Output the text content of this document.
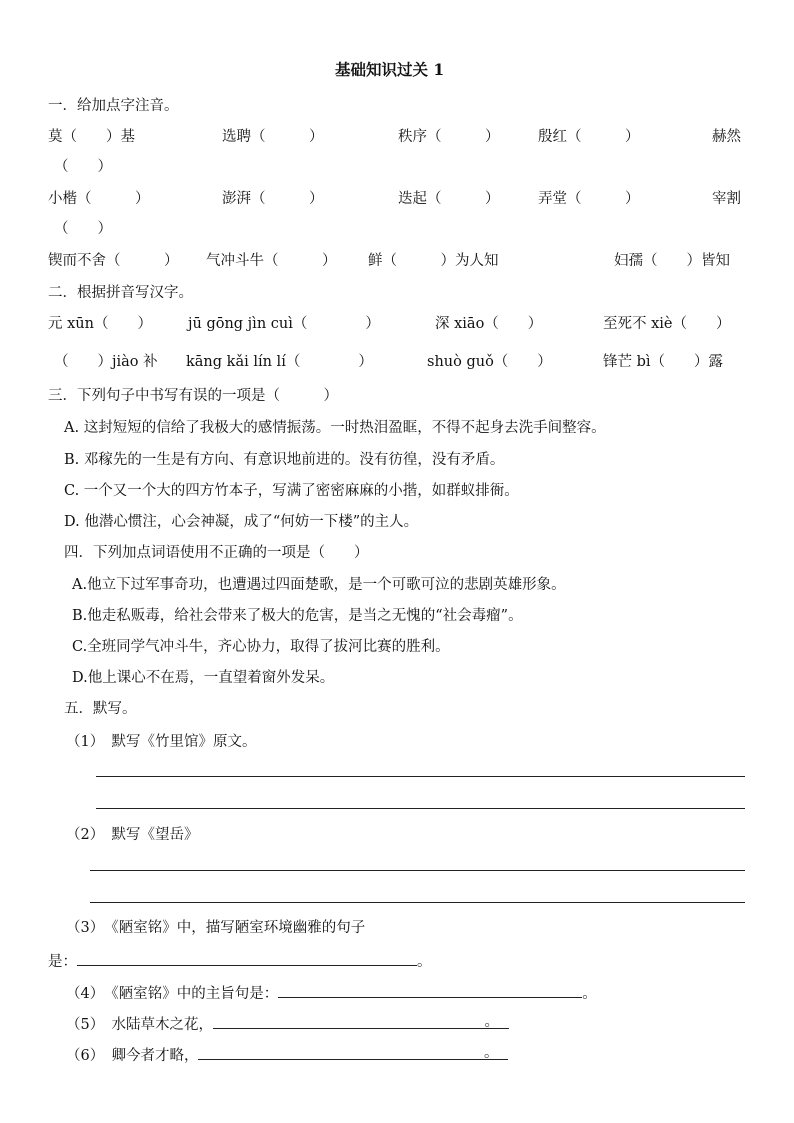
基础知识过关 1
一．给加点字注音。
莫（　　）基	选聘（　　　）	秩序（　　　）	殷红（　　　）	赫然
（　　）
小楷（　　　）	澎湃（　　　）	迭起（　　　）	弄堂（　　　）	宰割
（　　）
锲而不舍（　　　） 气冲斗牛（　　　） 鲜（　　　）为人知	妇孺（　　）皆知
二．根据拼音写汉字。
元 xūn（　　） jū gōng jìn cuì（　　　　）	深 xiāo（　　）	至死不 xiè（　　）
（　　）jiào 补 kāng kǎi lín lí（　　　　）	shuò guǒ（　　）	锋芒 bì（　　）露
三．下列句子中书写有误的一项是（　　　）
A. 这封短短的信给了我极大的感情振荡。一时热泪盈眶，不得不起身去洗手间整容。
B. 邓稼先的一生是有方向、有意识地前进的。没有彷徨，没有矛盾。
C. 一个又一个大的四方竹本子，写满了密密麻麻的小揩，如群蚁排衙。
D. 他潜心惯注，心会神凝，成了“何妨一下楼”的主人。
四．下列加点词语使用不正确的一项是（　　）
A.他立下过军事奇功，也遭遇过四面楚歌，是一个可歌可泣的悲剧英雄形象。
B.他走私贩毒，给社会带来了极大的危害，是当之无愧的“社会毒瘤”。
C.全班同学气冲斗牛，齐心协力，取得了拔河比赛的胜利。
D.他上课心不在焉，一直望着窗外发呆。
五．默写。
（1）　默写《竹里馆》原文。
（2）　默写《望岳》
（3）　《陋室铭》中，描写陋室环境幽雅的句子
是：	。
（4）　《陋室铭》中的主旨句是：	。
（5）　水陆草木之花，	。
（6）　卿今者才略，	。
